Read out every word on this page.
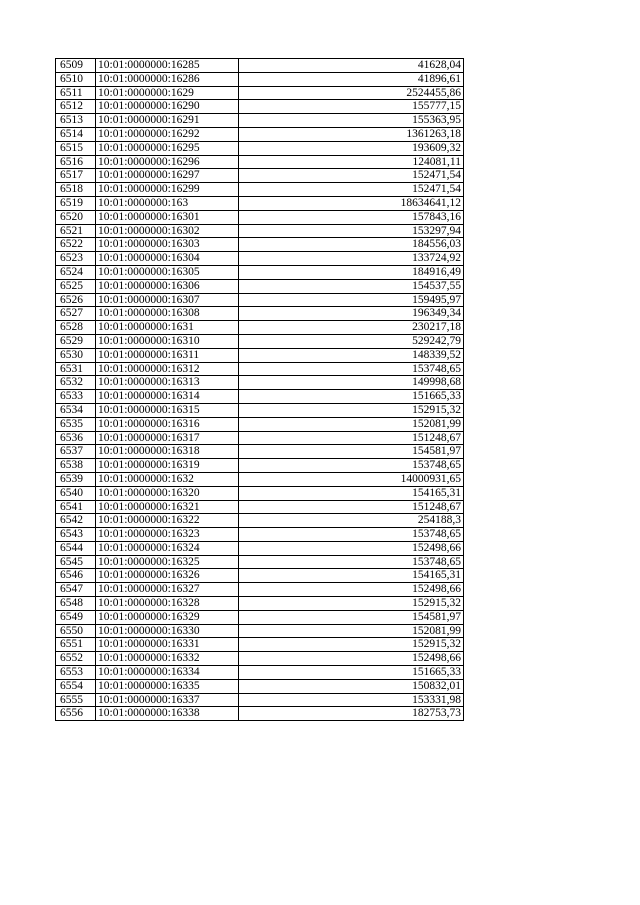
6509	10:01:0000000:16285	41628,04
6510	10:01:0000000:16286	41896,61
6511	10:01:0000000:1629	2524455,86
6512	10:01:0000000:16290	155777,15
6513	10:01:0000000:16291	155363,95
6514	10:01:0000000:16292	1361263,18
6515	10:01:0000000:16295	193609,32
6516	10:01:0000000:16296	124081,11
6517	10:01:0000000:16297	152471,54
6518	10:01:0000000:16299	152471,54
6519	10:01:0000000:163	18634641,12
6520	10:01:0000000:16301	157843,16
6521	10:01:0000000:16302	153297,94
6522	10:01:0000000:16303	184556,03
6523	10:01:0000000:16304	133724,92
6524	10:01:0000000:16305	184916,49
6525	10:01:0000000:16306	154537,55
6526	10:01:0000000:16307	159495,97
6527	10:01:0000000:16308	196349,34
6528	10:01:0000000:1631	230217,18
6529	10:01:0000000:16310	529242,79
6530	10:01:0000000:16311	148339,52
6531	10:01:0000000:16312	153748,65
6532	10:01:0000000:16313	149998,68
6533	10:01:0000000:16314	151665,33
6534	10:01:0000000:16315	152915,32
6535	10:01:0000000:16316	152081,99
6536	10:01:0000000:16317	151248,67
6537	10:01:0000000:16318	154581,97
6538	10:01:0000000:16319	153748,65
6539	10:01:0000000:1632	14000931,65
6540	10:01:0000000:16320	154165,31
6541	10:01:0000000:16321	151248,67
6542	10:01:0000000:16322	254188,3
6543	10:01:0000000:16323	153748,65
6544	10:01:0000000:16324	152498,66
6545	10:01:0000000:16325	153748,65
6546	10:01:0000000:16326	154165,31
6547	10:01:0000000:16327	152498,66
6548	10:01:0000000:16328	152915,32
6549	10:01:0000000:16329	154581,97
6550	10:01:0000000:16330	152081,99
6551	10:01:0000000:16331	152915,32
6552	10:01:0000000:16332	152498,66
6553	10:01:0000000:16334	151665,33
6554	10:01:0000000:16335	150832,01
6555	10:01:0000000:16337	153331,98
6556	10:01:0000000:16338	182753,73
